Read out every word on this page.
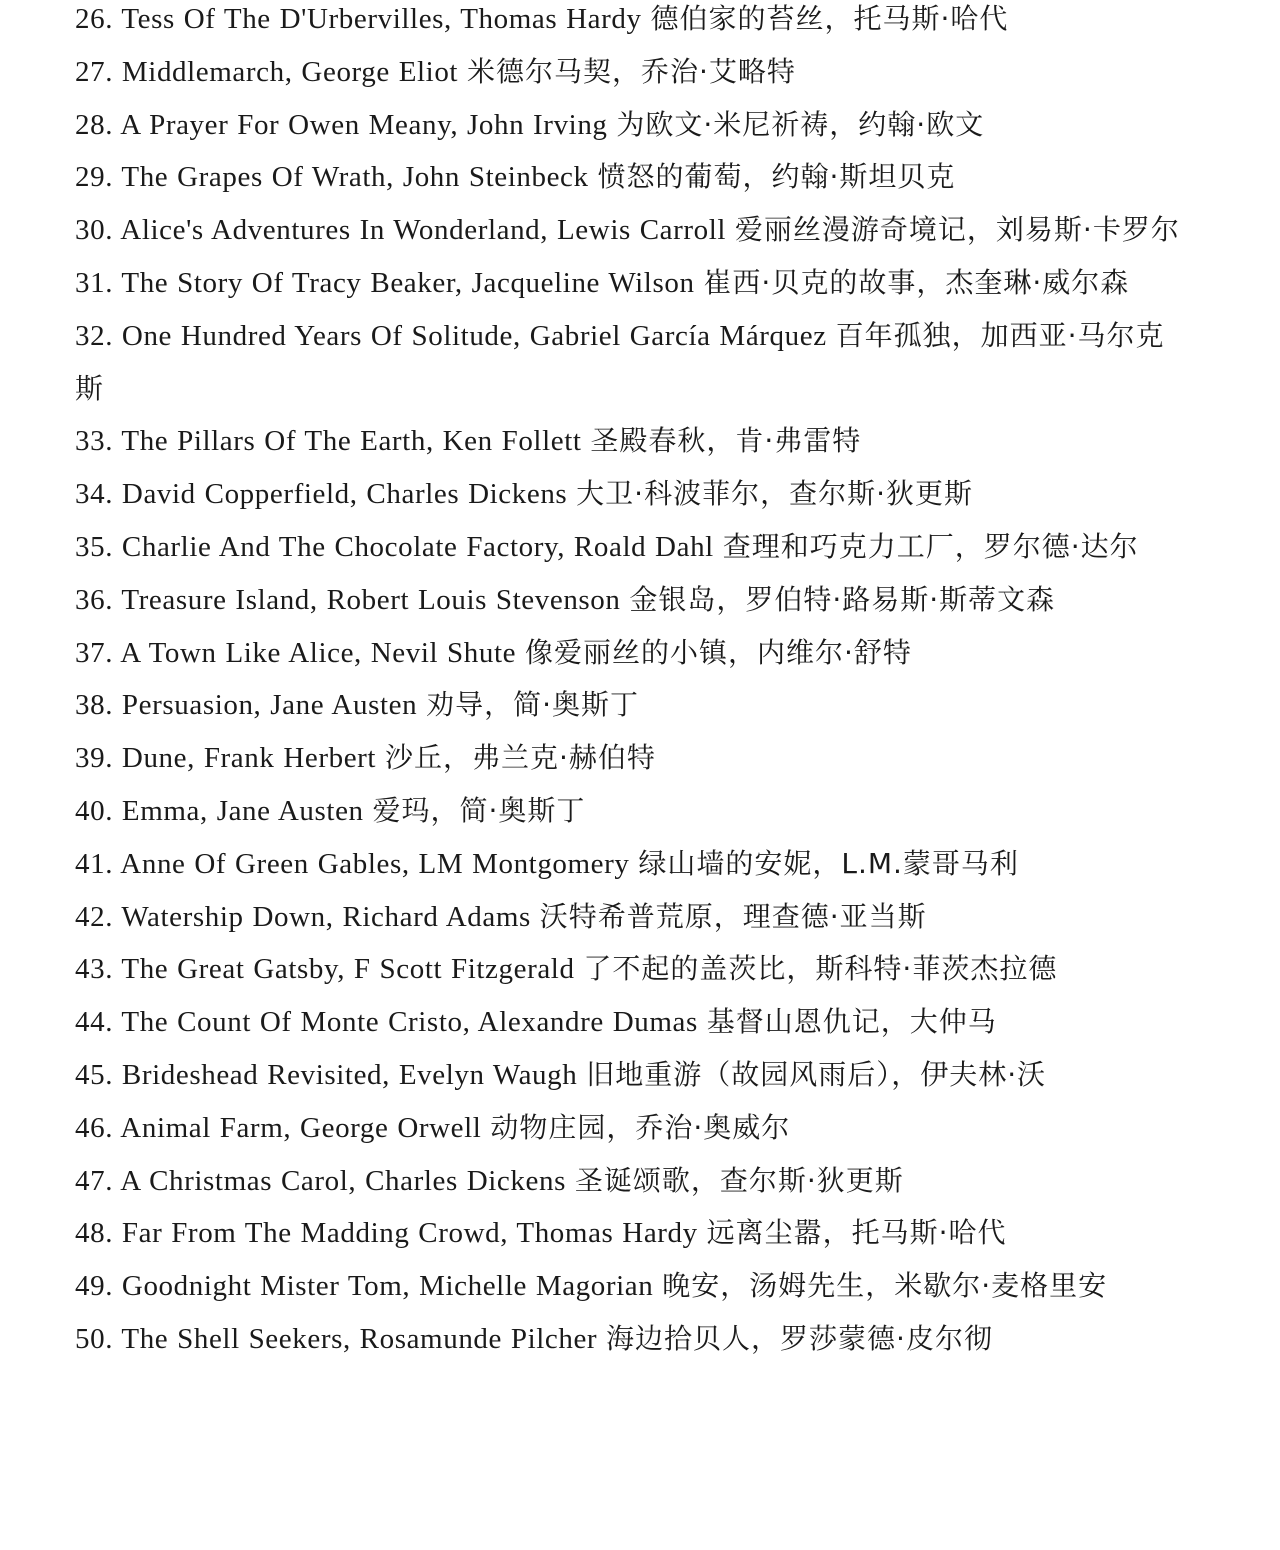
26. Tess Of The D'Urbervilles, Thomas Hardy 德伯家的苔丝，托马斯·哈代

27. Middlemarch, George Eliot 米德尔马契，乔治·艾略特

28. A Prayer For Owen Meany, John Irving 为欧文·米尼祈祷，约翰·欧文

29. The Grapes Of Wrath, John Steinbeck 愤怒的葡萄，约翰·斯坦贝克

30. Alice's Adventures In Wonderland, Lewis Carroll 爱丽丝漫游奇境记，刘易斯·卡罗尔

31. The Story Of Tracy Beaker, Jacqueline Wilson 崔西·贝克的故事，杰奎琳·威尔森

32. One Hundred Years Of Solitude, Gabriel García Márquez 百年孤独，加西亚·马尔克斯

33. The Pillars Of The Earth, Ken Follett 圣殿春秋，肯·弗雷特

34. David Copperfield, Charles Dickens 大卫·科波菲尔，查尔斯·狄更斯

35. Charlie And The Chocolate Factory, Roald Dahl 查理和巧克力工厂，罗尔德·达尔

36. Treasure Island, Robert Louis Stevenson 金银岛，罗伯特·路易斯·斯蒂文森

37. A Town Like Alice, Nevil Shute 像爱丽丝的小镇，内维尔·舒特

38. Persuasion, Jane Austen 劝导，简·奥斯丁

39. Dune, Frank Herbert 沙丘，弗兰克·赫伯特

40. Emma, Jane Austen 爱玛，简·奥斯丁

41. Anne Of Green Gables, LM Montgomery 绿山墙的安妮，L.M.蒙哥马利

42. Watership Down, Richard Adams 沃特希普荒原，理查德·亚当斯

43. The Great Gatsby, F Scott Fitzgerald 了不起的盖茨比，斯科特·菲茨杰拉德

44. The Count Of Monte Cristo, Alexandre Dumas 基督山恩仇记，大仲马

45. Brideshead Revisited, Evelyn Waugh 旧地重游（故园风雨后），伊夫林·沃

46. Animal Farm, George Orwell 动物庄园，乔治·奥威尔

47. A Christmas Carol, Charles Dickens 圣诞颂歌，查尔斯·狄更斯

48. Far From The Madding Crowd, Thomas Hardy 远离尘嚣，托马斯·哈代

49. Goodnight Mister Tom, Michelle Magorian 晚安，汤姆先生，米歇尔·麦格里安

50. The Shell Seekers, Rosamunde Pilcher 海边拾贝人，罗莎蒙德·皮尔彻
